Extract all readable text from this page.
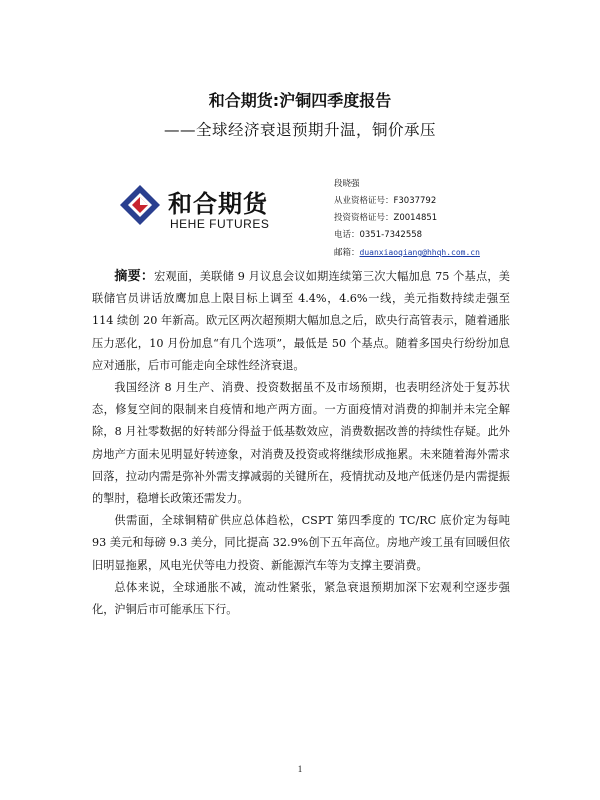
和合期货:沪铜四季度报告
——全球经济衰退预期升温，铜价承压
和合期货
HEHE FUTURES
段晓强
从业资格证号：F3037792
投资资格证号：Z0014851
电话：0351-7342558
邮箱：duanxiaoqiang@hhqh.com.cn

摘要：宏观面，美联储 9 月议息会议如期连续第三次大幅加息 75 个基点，美联储官员讲话放鹰加息上限目标上调至 4.4%，4.6%一线，美元指数持续走强至 114 续创 20 年新高。欧元区两次超预期大幅加息之后，欧央行高管表示，随着通胀压力恶化，10 月份加息“有几个选项”，最低是 50 个基点。随着多国央行纷纷加息应对通胀，后市可能走向全球性经济衰退。

我国经济 8 月生产、消费、投资数据虽不及市场预期，也表明经济处于复苏状态，修复空间的限制来自疫情和地产两方面。一方面疫情对消费的抑制并未完全解除，8 月社零数据的好转部分得益于低基数效应，消费数据改善的持续性存疑。此外房地产方面未见明显好转迹象，对消费及投资或将继续形成拖累。未来随着海外需求回落，拉动内需是弥补外需支撑减弱的关键所在，疫情扰动及地产低迷仍是内需提振的掣肘，稳增长政策还需发力。

供需面，全球铜精矿供应总体趋松，CSPT 第四季度的 TC/RC 底价定为每吨 93 美元和每磅 9.3 美分，同比提高 32.9%创下五年高位。房地产竣工虽有回暖但依旧明显拖累，风电光伏等电力投资、新能源汽车等为支撑主要消费。

总体来说，全球通胀不减，流动性紧张，紧急衰退预期加深下宏观利空逐步强化，沪铜后市可能承压下行。

1
